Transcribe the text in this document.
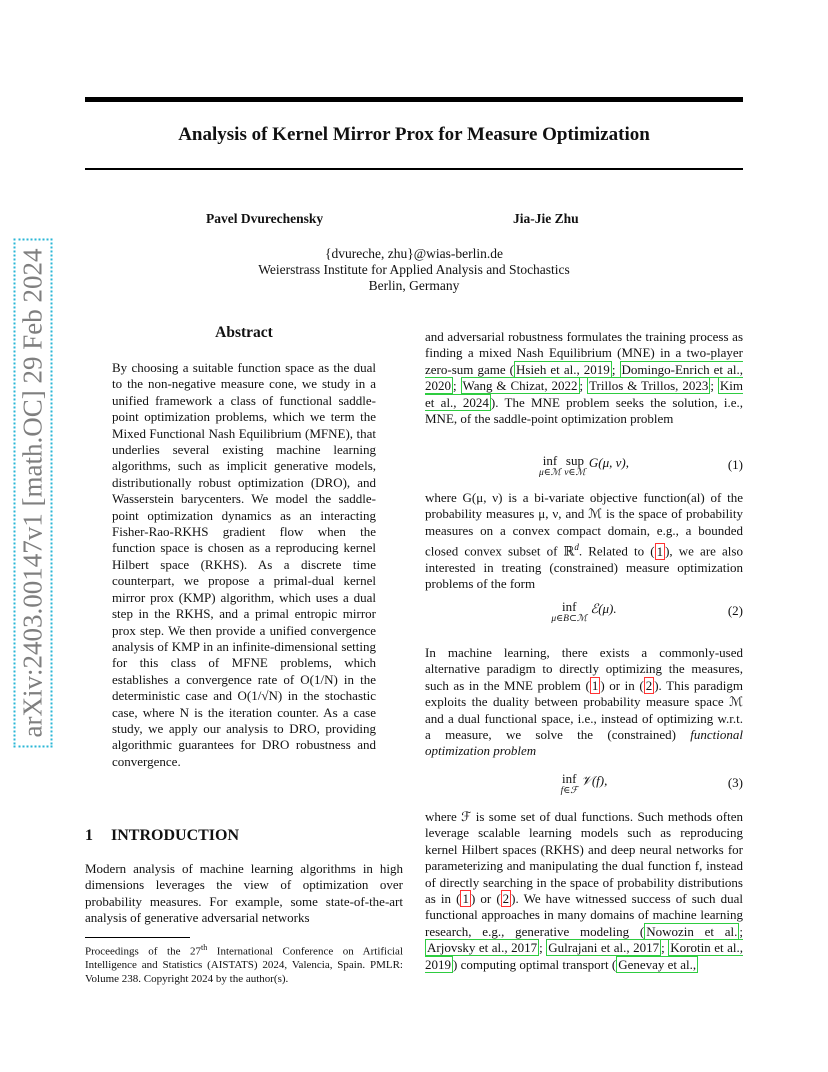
arXiv:2403.00147v1 [math.OC] 29 Feb 2024
Analysis of Kernel Mirror Prox for Measure Optimization
Pavel Dvurechensky	Jia-Jie Zhu
{dvureche, zhu}@wias-berlin.de
Weierstrass Institute for Applied Analysis and Stochastics
Berlin, Germany
Abstract

By choosing a suitable function space as the dual to the non-negative measure cone, we study in a unified framework a class of functional saddle-point optimization problems, which we term the Mixed Functional Nash Equilibrium (MFNE), that underlies several existing machine learning algorithms, such as implicit generative models, distributionally robust optimization (DRO), and Wasserstein barycenters. We model the saddle-point optimization dynamics as an interacting Fisher-Rao-RKHS gradient flow when the function space is chosen as a reproducing kernel Hilbert space (RKHS). As a discrete time counterpart, we propose a primal-dual kernel mirror prox (KMP) algorithm, which uses a dual step in the RKHS, and a primal entropic mirror prox step. We then provide a unified convergence analysis of KMP in an infinite-dimensional setting for this class of MFNE problems, which establishes a convergence rate of O(1/N) in the deterministic case and O(1/√N) in the stochastic case, where N is the iteration counter. As a case study, we apply our analysis to DRO, providing algorithmic guarantees for DRO robustness and convergence.

1 INTRODUCTION

Modern analysis of machine learning algorithms in high dimensions leverages the view of optimization over probability measures. For example, some state-of-the-art analysis of generative adversarial networks

Proceedings of the 27th International Conference on Artificial Intelligence and Statistics (AISTATS) 2024, Valencia, Spain. PMLR: Volume 238. Copyright 2024 by the author(s).

and adversarial robustness formulates the training process as finding a mixed Nash Equilibrium (MNE) in a two-player zero-sum game ( Hsieh et al., 2019 ; Domingo-Enrich et al., 2020 ; Wang & Chizat, 2022 ; Trillos & Trillos, 2023 ; Kim et al., 2024 ). The MNE problem seeks the solution, i.e., MNE, of the saddle-point optimization problem

inf
μ∈ℳ
sup
ν∈ℳ
G(μ, ν),	(1)

where G(μ, ν) is a bi-variate objective function(al) of the probability measures μ, ν, and ℳ is the space of probability measures on a convex compact domain, e.g., a bounded closed convex subset of ℝ$^d$. Related to ( 1 ), we are also interested in treating (constrained) measure optimization problems of the form

inf
μ∈B⊂ℳ
ℰ(μ).	(2)

In machine learning, there exists a commonly-used alternative paradigm to directly optimizing the measures, such as in the MNE problem ( 1 ) or in ( 2 ). This paradigm exploits the duality between probability measure space ℳ and a dual functional space, i.e., instead of optimizing w.r.t. a measure, we solve the (constrained) functional optimization problem

inf
f∈ℱ
𝒱(f),	(3)

where ℱ is some set of dual functions. Such methods often leverage scalable learning models such as reproducing kernel Hilbert spaces (RKHS) and deep neural networks for parameterizing and manipulating the dual function f, instead of directly searching in the space of probability distributions as in ( 1 ) or ( 2 ). We have witnessed success of such dual functional approaches in many domains of machine learning research, e.g., generative modeling ( Nowozin et al. ; Arjovsky et al., 2017 ; Gulrajani et al., 2017 ; Korotin et al., 2019 ) computing optimal transport ( Genevay et al.,
